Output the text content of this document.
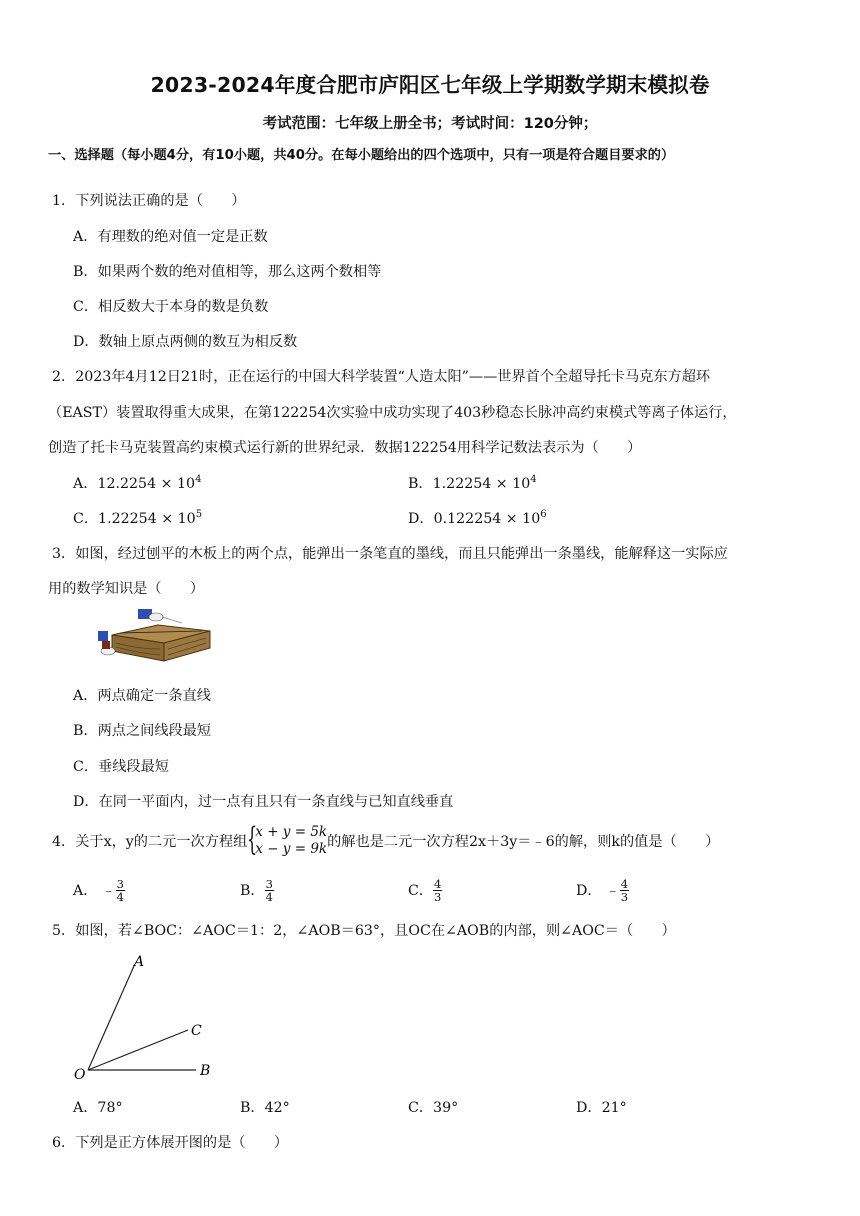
2023-2024年度合肥市庐阳区七年级上学期数学期末模拟卷
考试范围：七年级上册全书；考试时间：120分钟；
一、选择题（每小题4分，有10小题，共40分。在每小题给出的四个选项中，只有一项是符合题目要求的）
1．下列说法正确的是（　　）
A．有理数的绝对值一定是正数
B．如果两个数的绝对值相等，那么这两个数相等
C．相反数大于本身的数是负数
D．数轴上原点两侧的数互为相反数
2．2023年4月12日21时，正在运行的中国大科学装置“人造太阳”——世界首个全超导托卡马克东方超环
（EAST）装置取得重大成果，在第122254次实验中成功实现了403秒稳态长脉冲高约束模式等离子体运行，
创造了托卡马克装置高约束模式运行新的世界纪录．数据122254用科学记数法表示为（　　）
A．$12.2254 \times 10^4$	B．$1.22254 \times 10^4$
C．$1.22254 \times 10^5$	D．$0.122254 \times 10^6$
3．如图，经过刨平的木板上的两个点，能弹出一条笔直的墨线，而且只能弹出一条墨线，能解释这一实际应
用的数学知识是（　　）
A．两点确定一条直线
B．两点之间线段最短
C．垂线段最短
D．在同一平面内，过一点有且只有一条直线与已知直线垂直
4．关于x，y的二元一次方程组 {
x + y = 5k
x − y = 9k 的解也是二元一次方程2x＋3y＝﹣6的解，则k的值是（　　）
A． ﹣ $\frac{3}{4}$	B． $\frac{3}{4}$	C． $\frac{4}{3}$	D． ﹣ $\frac{4}{3}$
5．如图，若∠BOC：∠AOC＝1：2，∠AOB＝63°，且OC在∠AOB的内部，则∠AOC＝（　　）
A
C
B
O
A．78°	B．42°	C．39°	D．21°
6．下列是正方体展开图的是（　　）
